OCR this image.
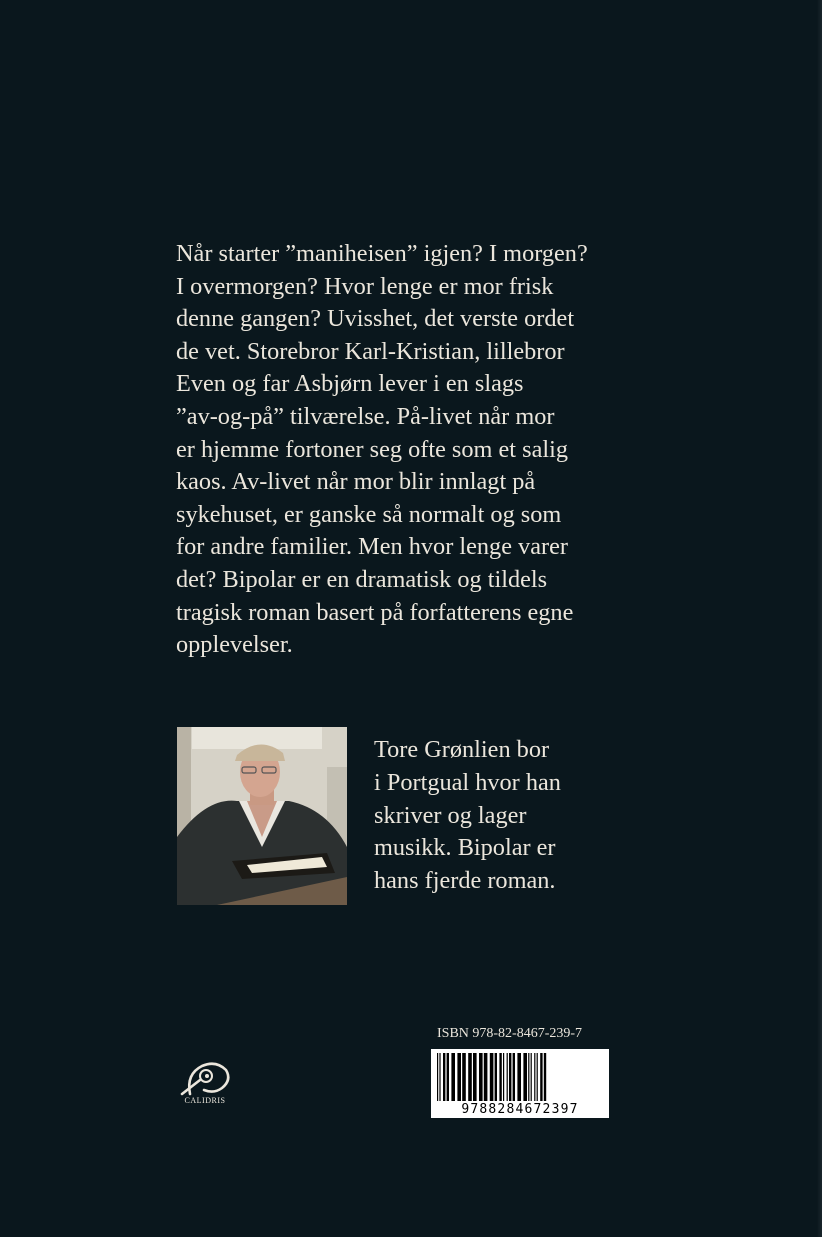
Når starter ”maniheisen” igjen? I morgen?

I overmorgen? Hvor lenge er mor frisk

denne gangen? Uvisshet, det verste ordet

de vet. Storebror Karl-Kristian, lillebror

Even og far Asbjørn lever i en slags

”av-og-på” tilværelse. På-livet når mor

er hjemme fortoner seg ofte som et salig

kaos. Av-livet når mor blir innlagt på

sykehuset, er ganske så normalt og som

for andre familier. Men hvor lenge varer

det? Bipolar er en dramatisk og tildels

tragisk roman basert på forfatterens egne

opplevelser.

Tore Grønlien bor

i Portgual hvor han

skriver og lager

musikk. Bipolar er

hans fjerde roman.

CALIDRIS
ISBN 978-82-8467-239-7
9788284672397
